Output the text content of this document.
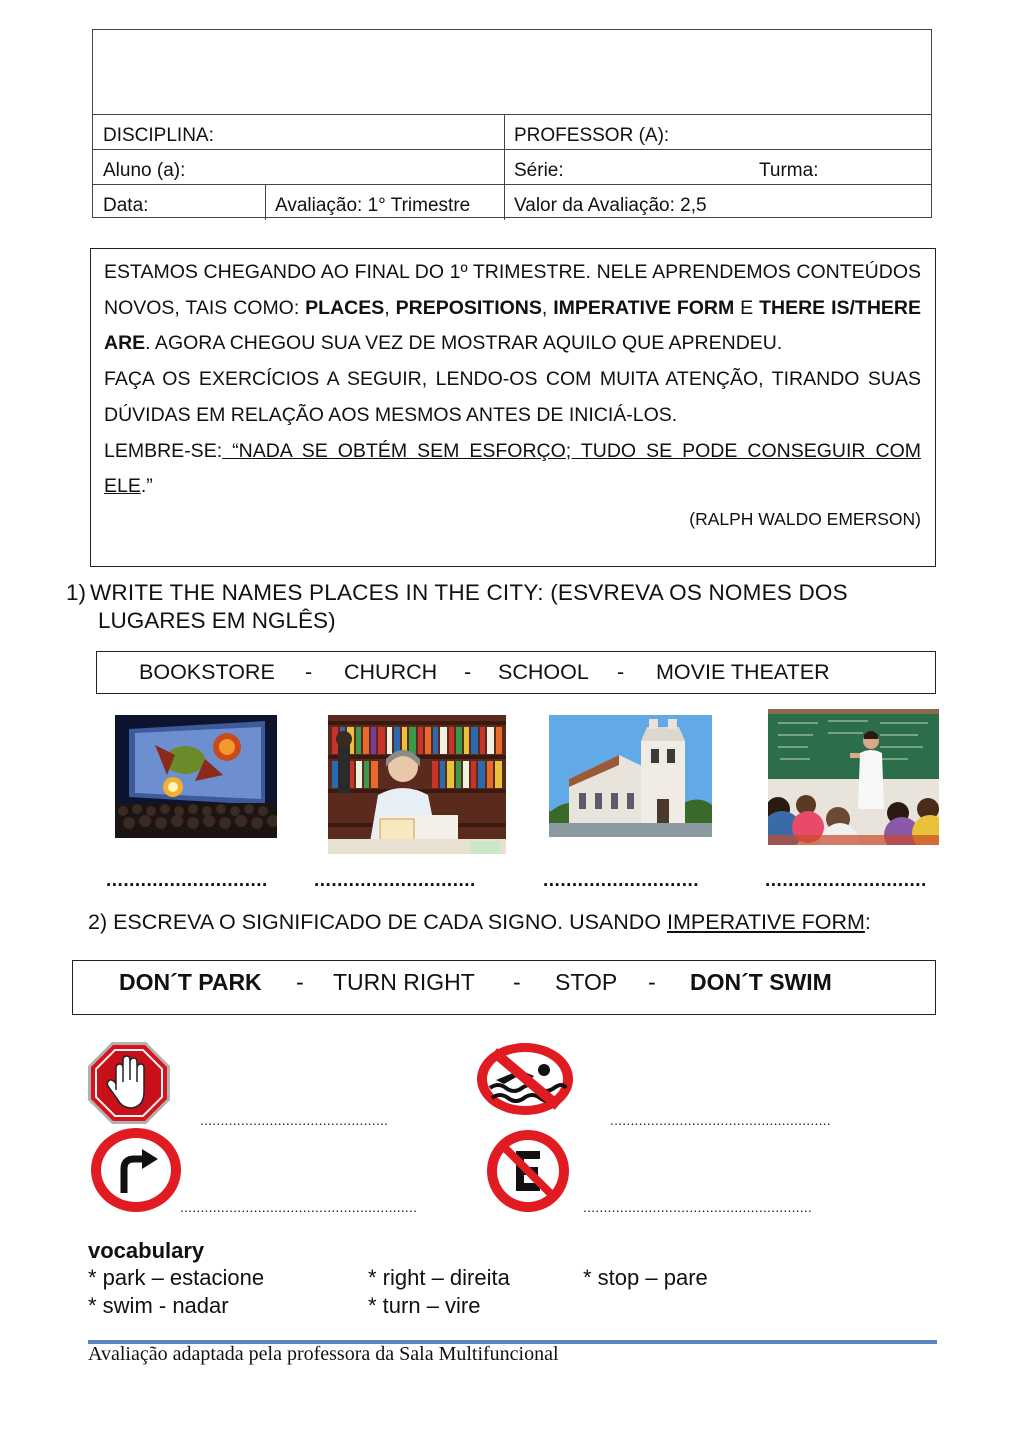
DISCIPLINA:	PROFESSOR (A):
Aluno (a):	Série:	Turma:
Data:	Avaliação: 1° Trimestre	Valor da Avaliação: 2,5

ESTAMOS CHEGANDO AO FINAL DO 1º TRIMESTRE. NELE APRENDEMOS CONTEÚDOS NOVOS, TAIS COMO: PLACES, PREPOSITIONS, IMPERATIVE FORM E THERE IS/THERE ARE. AGORA CHEGOU SUA VEZ DE MOSTRAR AQUILO QUE APRENDEU.

FAÇA OS EXERCÍCIOS A SEGUIR, LENDO-OS COM MUITA ATENÇÃO, TIRANDO SUAS DÚVIDAS EM RELAÇÃO AOS MESMOS ANTES DE INICIÁ-LOS.

LEMBRE-SE: “NADA SE OBTÉM SEM ESFORÇO; TUDO SE PODE CONSEGUIR COM ELE.”

(RALPH WALDO EMERSON)

1) WRITE THE NAMES PLACES IN THE CITY: (ESVREVA OS NOMES DOS
LUGARES EM NGLÊS)
BOOKSTORE - CHURCH - SCHOOL - MOVIE THEATER
............................ ............................	...........................	............................
2) ESCREVA O SIGNIFICADO DE CADA SIGNO. USANDO IMPERATIVE FORM:
DON´T PARK - TURN RIGHT - STOP - DON´T SWIM
..............................................	......................................................
..........................................................	........................................................
vocabulary
* park – estacione	* right – direita	* stop – pare
* swim - nadar	* turn – vire
Avaliação adaptada pela professora da Sala Multifuncional
